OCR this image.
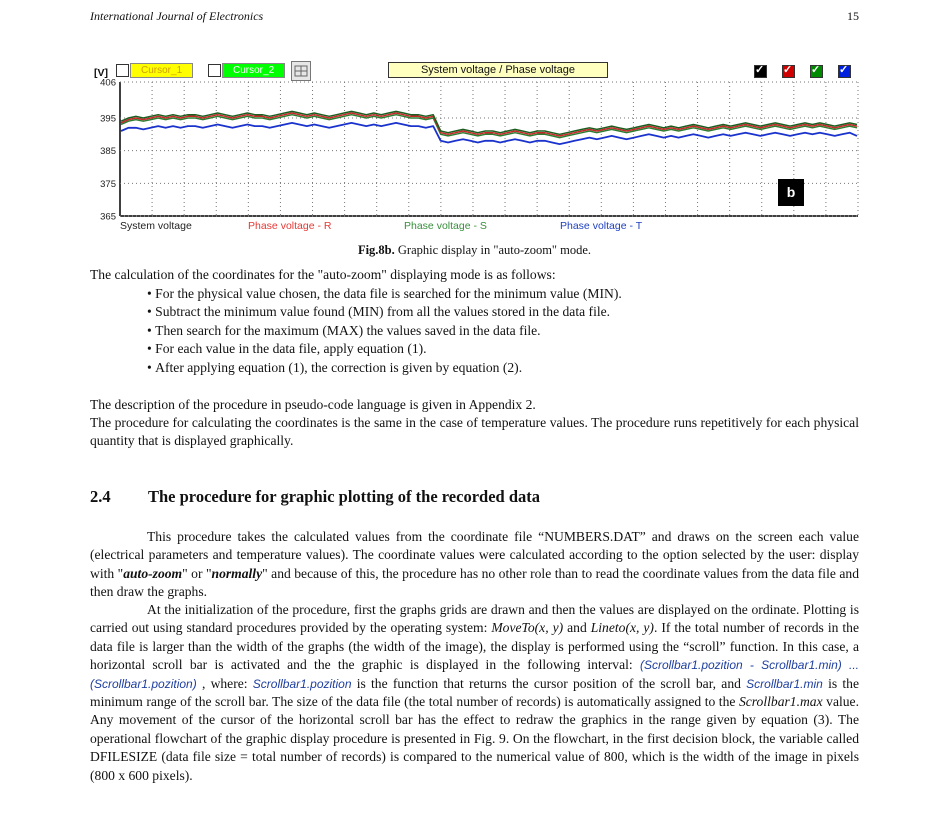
International Journal of Electronics	15
[V]	Cursor_1	Cursor_2	System voltage / Phase voltage
✓
✓
✓
✓
406
395
385
375
365
b
System voltage	Phase voltage - R	Phase voltage - S	Phase voltage - T
Fig.8b. Graphic display in "auto-zoom" mode.
The calculation of the coordinates for the "auto-zoom" displaying mode is as follows:
• For the physical value chosen, the data file is searched for the minimum value (MIN).
• Subtract the minimum value found (MIN) from all the values stored in the data file.
• Then search for the maximum (MAX) the values saved in the data file.
• For each value in the data file, apply equation (1).
• After applying equation (1), the correction is given by equation (2).
The description of the procedure in pseudo-code language is given in Appendix 2.
The procedure for calculating the coordinates is the same in the case of temperature values. The procedure runs repetitively for each physical quantity that is displayed graphically.
2.4 The procedure for graphic plotting of the recorded data
This procedure takes the calculated values from the coordinate file “NUMBERS.DAT” and draws on the screen each value (electrical parameters and temperature values). The coordinate values were calculated according to the option selected by the user: display with "auto-zoom" or "normally" and because of this, the procedure has no other role than to read the coordinate values from the data file and then draw the graphs.
At the initialization of the procedure, first the graphs grids are drawn and then the values are displayed on the ordinate. Plotting is carried out using standard procedures provided by the operating system: MoveTo(x, y) and Lineto(x, y). If the total number of records in the data file is larger than the width of the graphs (the width of the image), the display is performed using the “scroll” function. In this case, a horizontal scroll bar is activated and the the graphic is displayed in the following interval: (Scrollbar1.pozition - Scrollbar1.min) ... (Scrollbar1.pozition) , where: Scrollbar1.pozition is the function that returns the cursor position of the scroll bar, and Scrollbar1.min is the minimum range of the scroll bar. The size of the data file (the total number of records) is automatically assigned to the Scrollbar1.max value. Any movement of the cursor of the horizontal scroll bar has the effect to redraw the graphics in the range given by equation (3). The operational flowchart of the graphic display procedure is presented in Fig. 9. On the flowchart, in the first decision block, the variable called DFILESIZE (data file size = total number of records) is compared to the numerical value of 800, which is the width of the image in pixels (800 x 600 pixels).
